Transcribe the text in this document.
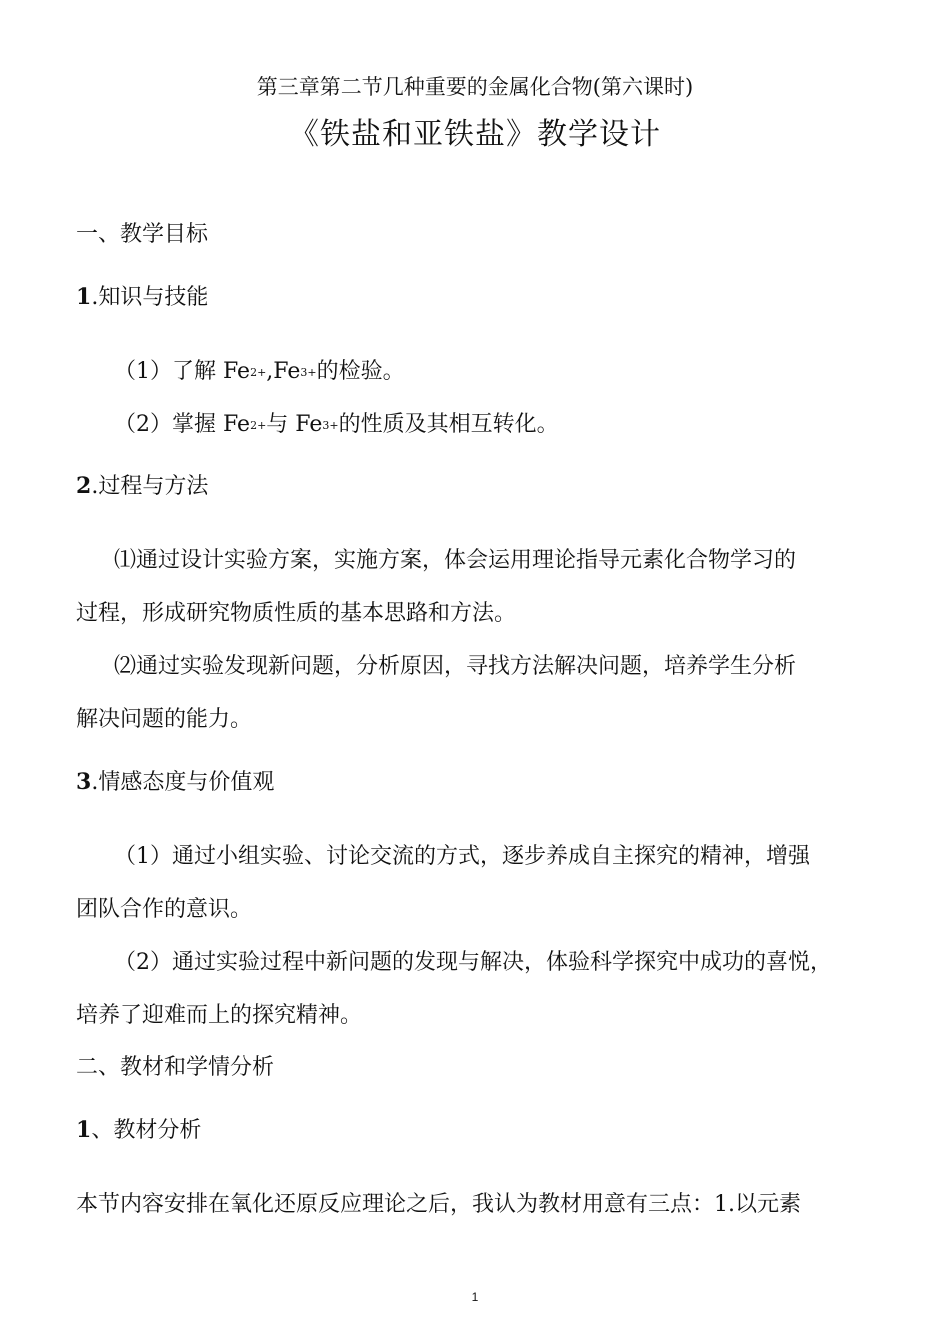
第三章第二节几种重要的金属化合物(第六课时)
《铁盐和亚铁盐》教学设计
一、教学目标
1.知识与技能
（1）了解 $Fe^{2+},Fe^{3+}$的检验。
（2）掌握 $Fe^{2+}$与 $Fe^{3+}$的性质及其相互转化。
2.过程与方法
⑴通过设计实验方案，实施方案，体会运用理论指导元素化合物学习的
过程，形成研究物质性质的基本思路和方法。
⑵通过实验发现新问题，分析原因，寻找方法解决问题，培养学生分析
解决问题的能力。
3.情感态度与价值观
（1）通过小组实验、讨论交流的方式，逐步养成自主探究的精神，增强
团队合作的意识。
（2）通过实验过程中新问题的发现与解决，体验科学探究中成功的喜悦，
培养了迎难而上的探究精神。
二、教材和学情分析
1、教材分析
本节内容安排在氧化还原反应理论之后，我认为教材用意有三点：1.以元素
1
